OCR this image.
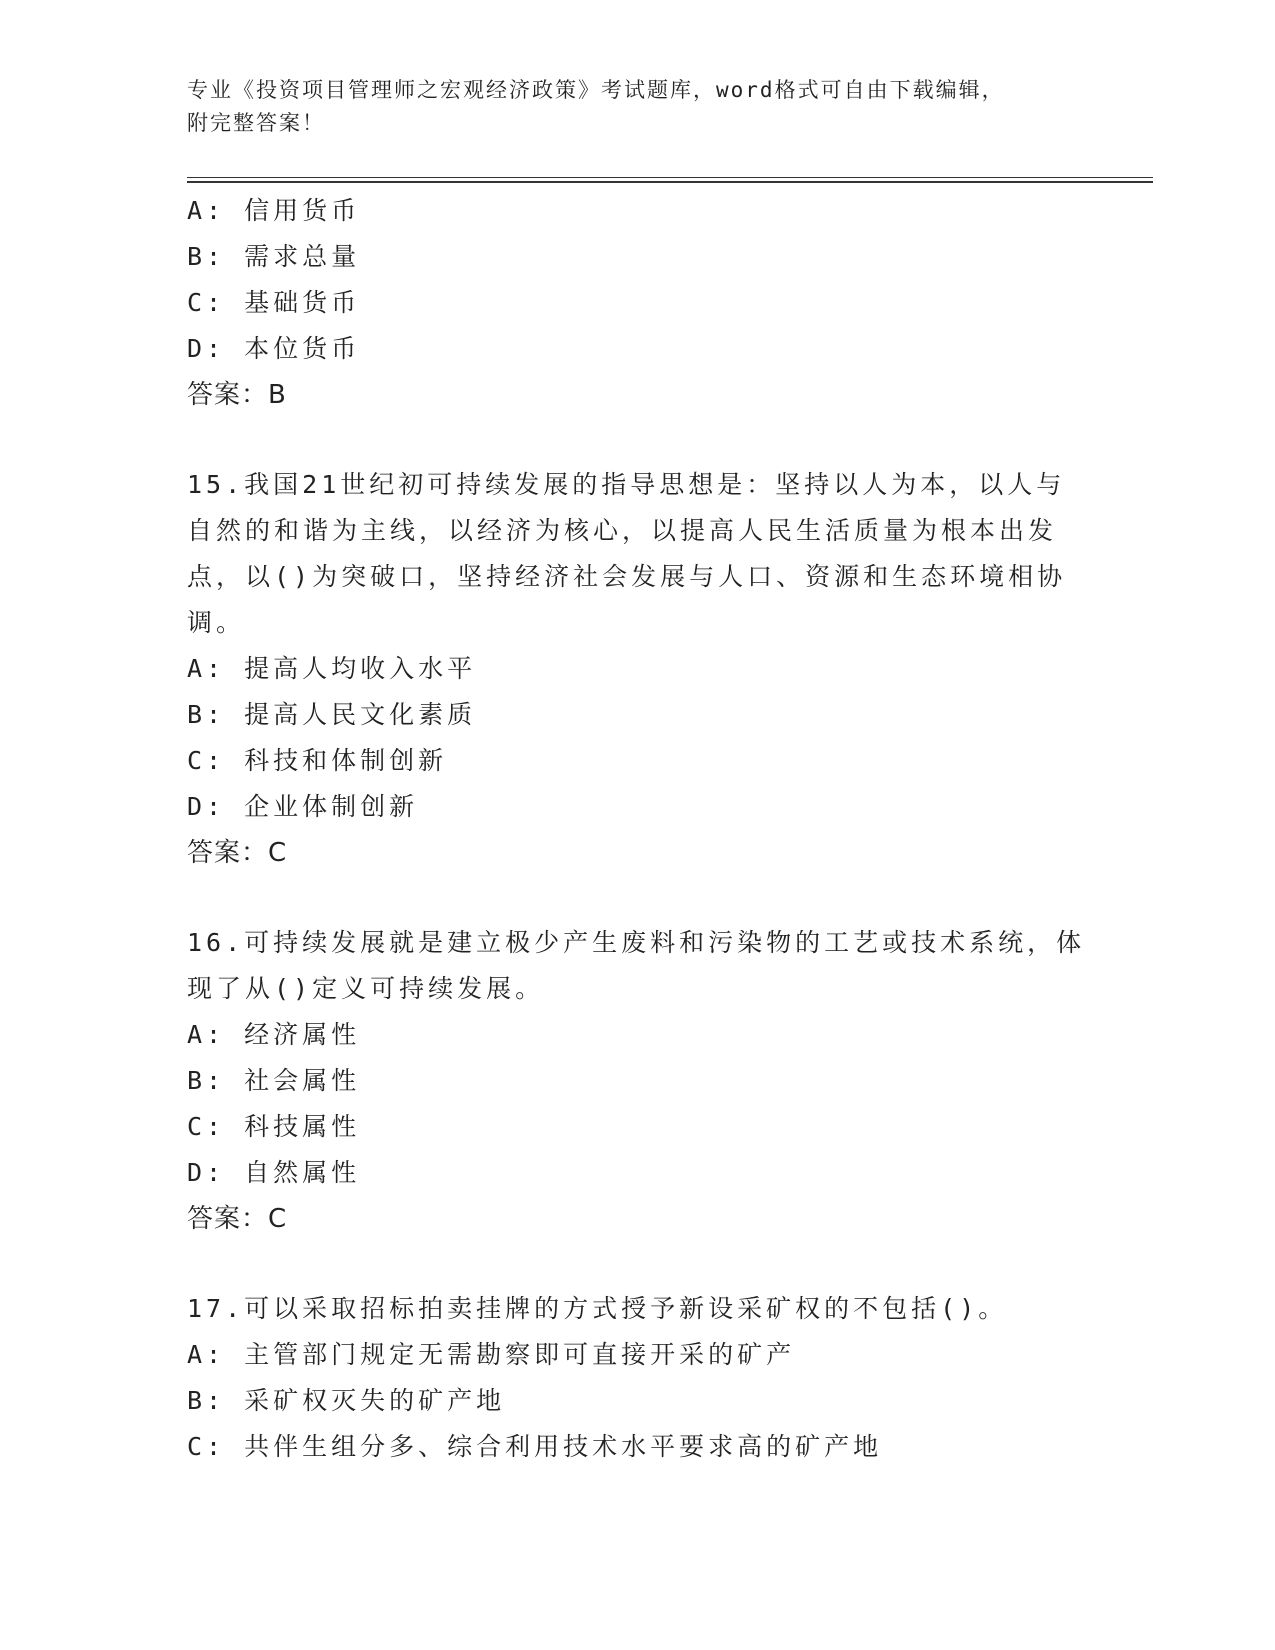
专业《投资项目管理师之宏观经济政策》考试题库，word格式可自由下载编辑，
附完整答案！
A: 信用货币
B: 需求总量
C: 基础货币
D: 本位货币
答案：B
15.我国21世纪初可持续发展的指导思想是：坚持以人为本，以人与
自然的和谐为主线，以经济为核心，以提高人民生活质量为根本出发
点，以()为突破口，坚持经济社会发展与人口、资源和生态环境相协
调。
A: 提高人均收入水平
B: 提高人民文化素质
C: 科技和体制创新
D: 企业体制创新
答案：C
16.可持续发展就是建立极少产生废料和污染物的工艺或技术系统，体
现了从()定义可持续发展。
A: 经济属性
B: 社会属性
C: 科技属性
D: 自然属性
答案：C
17.可以采取招标拍卖挂牌的方式授予新设采矿权的不包括()。
A: 主管部门规定无需勘察即可直接开采的矿产
B: 采矿权灭失的矿产地
C: 共伴生组分多、综合利用技术水平要求高的矿产地
